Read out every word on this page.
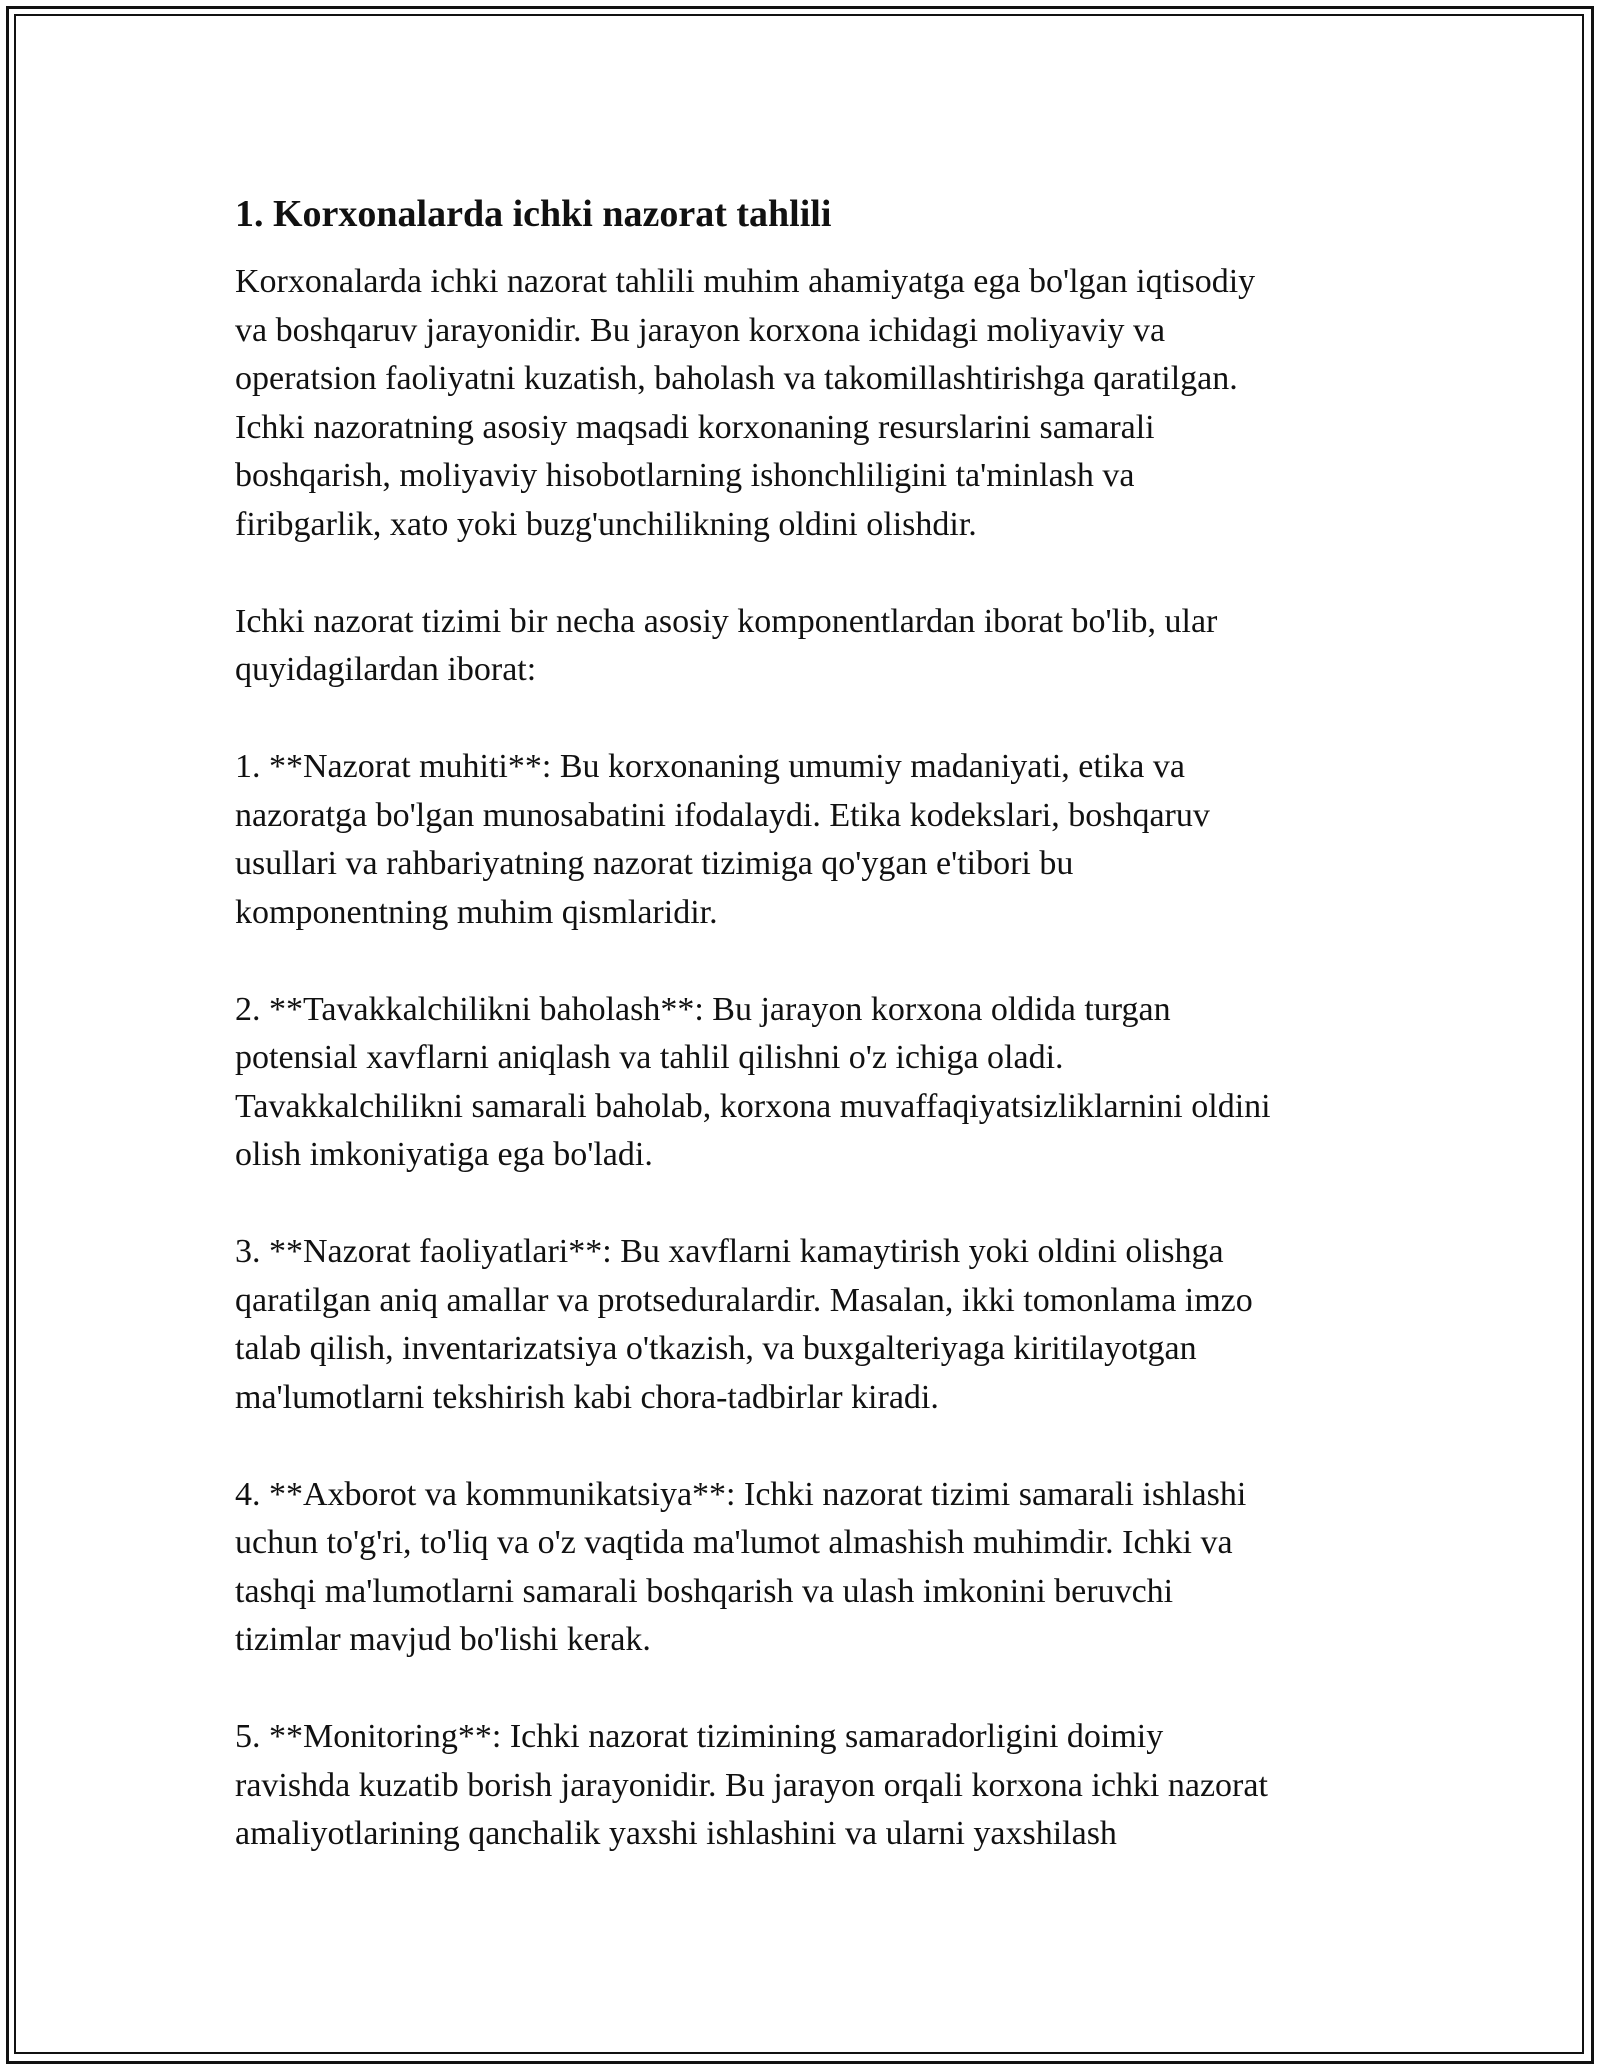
1. Korxonalarda ichki nazorat tahlili

Korxonalarda ichki nazorat tahlili muhim ahamiyatga ega bo'lgan iqtisodiy
va boshqaruv jarayonidir. Bu jarayon korxona ichidagi moliyaviy va
operatsion faoliyatni kuzatish, baholash va takomillashtirishga qaratilgan.
Ichki nazoratning asosiy maqsadi korxonaning resurslarini samarali
boshqarish, moliyaviy hisobotlarning ishonchliligini ta'minlash va
firibgarlik, xato yoki buzg'unchilikning oldini olishdir.

Ichki nazorat tizimi bir necha asosiy komponentlardan iborat bo'lib, ular
quyidagilardan iborat:

1. **Nazorat muhiti**: Bu korxonaning umumiy madaniyati, etika va
nazoratga bo'lgan munosabatini ifodalaydi. Etika kodekslari, boshqaruv
usullari va rahbariyatning nazorat tizimiga qo'ygan e'tibori bu
komponentning muhim qismlaridir.

2. **Tavakkalchilikni baholash**: Bu jarayon korxona oldida turgan
potensial xavflarni aniqlash va tahlil qilishni o'z ichiga oladi.
Tavakkalchilikni samarali baholab, korxona muvaffaqiyatsizliklarnini oldini
olish imkoniyatiga ega bo'ladi.

3. **Nazorat faoliyatlari**: Bu xavflarni kamaytirish yoki oldini olishga
qaratilgan aniq amallar va protseduralardir. Masalan, ikki tomonlama imzo
talab qilish, inventarizatsiya o'tkazish, va buxgalteriyaga kiritilayotgan
ma'lumotlarni tekshirish kabi chora-tadbirlar kiradi.

4. **Axborot va kommunikatsiya**: Ichki nazorat tizimi samarali ishlashi
uchun to'g'ri, to'liq va o'z vaqtida ma'lumot almashish muhimdir. Ichki va
tashqi ma'lumotlarni samarali boshqarish va ulash imkonini beruvchi
tizimlar mavjud bo'lishi kerak.

5. **Monitoring**: Ichki nazorat tizimining samaradorligini doimiy
ravishda kuzatib borish jarayonidir. Bu jarayon orqali korxona ichki nazorat
amaliyotlarining qanchalik yaxshi ishlashini va ularni yaxshilash
